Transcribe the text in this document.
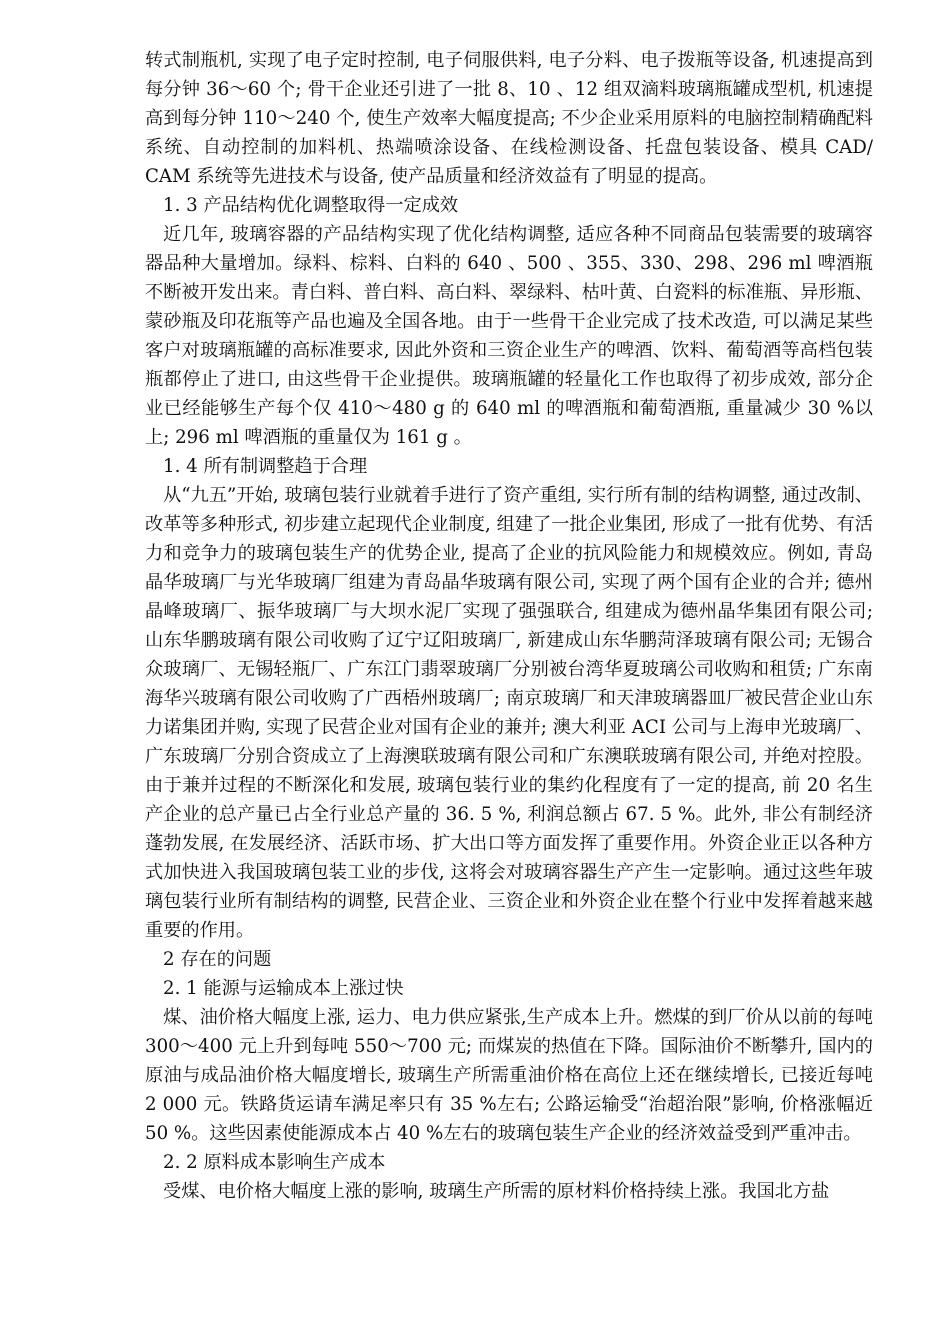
转式制瓶机, 实现了电子定时控制, 电子伺服供料, 电子分料、电子拨瓶等设备, 机速提高到每分钟 36～60 个; 骨干企业还引进了一批 8、10 、12 组双滴料玻璃瓶罐成型机, 机速提高到每分钟 110～240 个, 使生产效率大幅度提高; 不少企业采用原料的电脑控制精确配料系统、自动控制的加料机、热端喷涂设备、在线检测设备、托盘包装设备、模具 CAD/ CAM 系统等先进技术与设备, 使产品质量和经济效益有了明显的提高。

1. 3 产品结构优化调整取得一定成效

近几年, 玻璃容器的产品结构实现了优化结构调整, 适应各种不同商品包装需要的玻璃容器品种大量增加。绿料、棕料、白料的 640 、500 、355、330、298、296 ml 啤酒瓶不断被开发出来。青白料、普白料、高白料、翠绿料、枯叶黄、白瓷料的标准瓶、异形瓶、蒙砂瓶及印花瓶等产品也遍及全国各地。由于一些骨干企业完成了技术改造, 可以满足某些客户对玻璃瓶罐的高标准要求, 因此外资和三资企业生产的啤酒、饮料、葡萄酒等高档包装瓶都停止了进口, 由这些骨干企业提供。玻璃瓶罐的轻量化工作也取得了初步成效, 部分企业已经能够生产每个仅 410～480 g 的 640 ml 的啤酒瓶和葡萄酒瓶, 重量减少 30 %以上; 296 ml 啤酒瓶的重量仅为 161 g 。

1. 4 所有制调整趋于合理

从“九五”开始, 玻璃包装行业就着手进行了资产重组, 实行所有制的结构调整, 通过改制、改革等多种形式, 初步建立起现代企业制度, 组建了一批企业集团, 形成了一批有优势、有活力和竞争力的玻璃包装生产的优势企业, 提高了企业的抗风险能力和规模效应。例如, 青岛晶华玻璃厂与光华玻璃厂组建为青岛晶华玻璃有限公司, 实现了两个国有企业的合并; 德州晶峰玻璃厂、振华玻璃厂与大坝水泥厂实现了强强联合, 组建成为德州晶华集团有限公司; 山东华鹏玻璃有限公司收购了辽宁辽阳玻璃厂, 新建成山东华鹏菏泽玻璃有限公司; 无锡合众玻璃厂、无锡轻瓶厂、广东江门翡翠玻璃厂分别被台湾华夏玻璃公司收购和租赁; 广东南海华兴玻璃有限公司收购了广西梧州玻璃厂; 南京玻璃厂和天津玻璃器皿厂被民营企业山东力诺集团并购, 实现了民营企业对国有企业的兼并; 澳大利亚 ACI 公司与上海申光玻璃厂、广东玻璃厂分别合资成立了上海澳联玻璃有限公司和广东澳联玻璃有限公司, 并绝对控股。由于兼并过程的不断深化和发展, 玻璃包装行业的集约化程度有了一定的提高, 前 20 名生产企业的总产量已占全行业总产量的 36. 5 %, 利润总额占 67. 5 %。此外, 非公有制经济蓬勃发展, 在发展经济、活跃市场、扩大出口等方面发挥了重要作用。外资企业正以各种方式加快进入我国玻璃包装工业的步伐, 这将会对玻璃容器生产产生一定影响。通过这些年玻璃包装行业所有制结构的调整, 民营企业、三资企业和外资企业在整个行业中发挥着越来越重要的作用。

2 存在的问题

2. 1 能源与运输成本上涨过快

煤、油价格大幅度上涨, 运力、电力供应紧张,生产成本上升。燃煤的到厂价从以前的每吨 300～400 元上升到每吨 550～700 元; 而煤炭的热值在下降。国际油价不断攀升, 国内的原油与成品油价格大幅度增长, 玻璃生产所需重油价格在高位上还在继续增长, 已接近每吨 2 000 元。铁路货运请车满足率只有 35 %左右; 公路运输受“治超治限”影响, 价格涨幅近 50 %。这些因素使能源成本占 40 %左右的玻璃包装生产企业的经济效益受到严重冲击。

2. 2 原料成本影响生产成本

受煤、电价格大幅度上涨的影响, 玻璃生产所需的原材料价格持续上涨。我国北方盐
